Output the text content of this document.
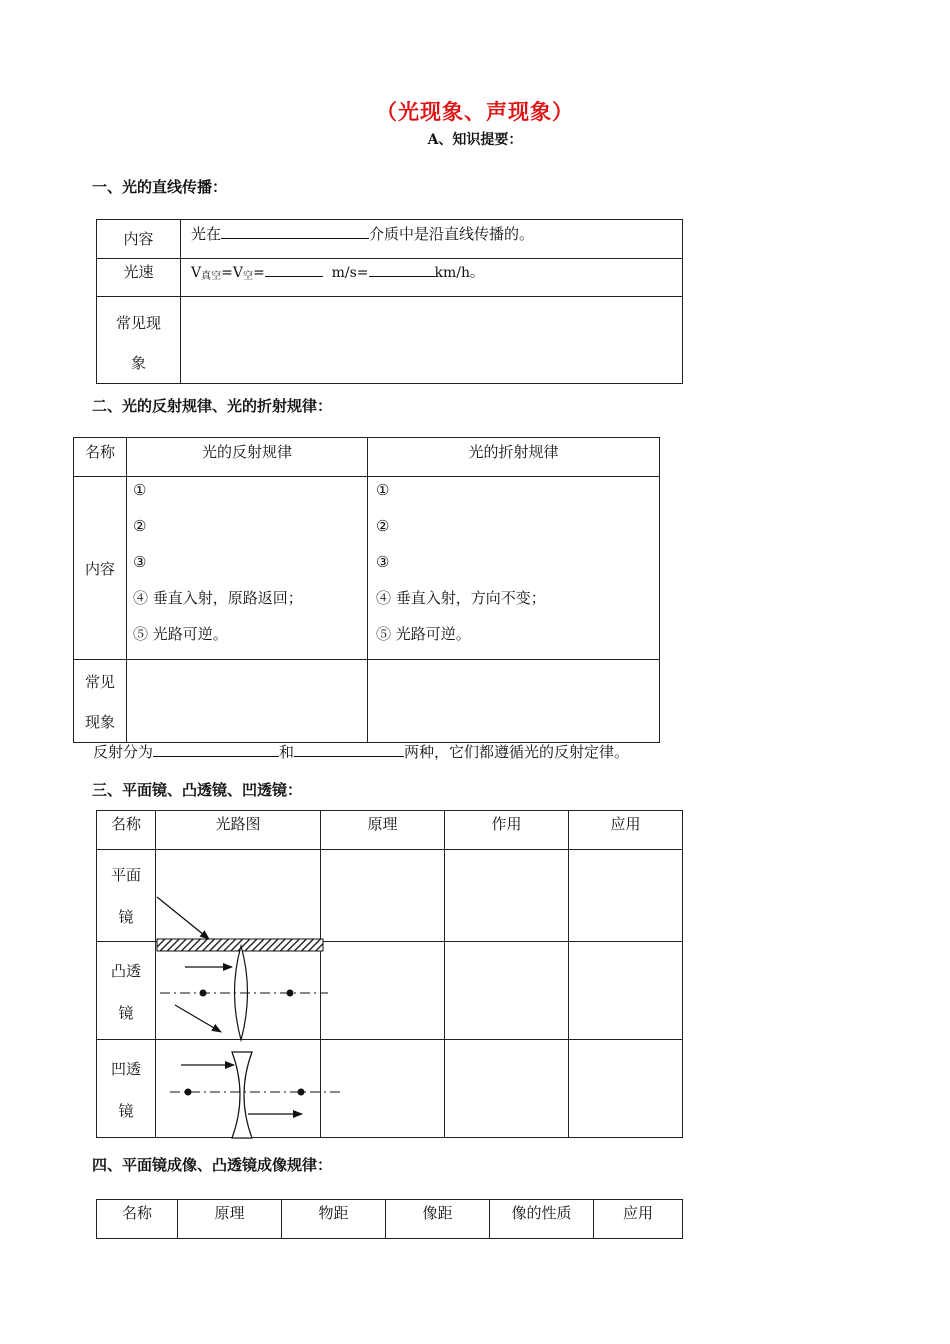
（光现象、声现象）
A、知识提要：
一、光的直线传播：
内容	光在 介质中是沿直线传播的。
光速	$V_{真空}=V_空= m/s= km/h$。

常见现
象	

二、光的反射规律、光的折射规律：
名称	光的反射规律	光的折射规律
内容	①
②
③
④ 垂直入射，原路返回；
⑤ 光路可逆。	①
②
③
④ 垂直入射，方向不变；
⑤ 光路可逆。

常见
现象		

反射分为	和	两种，它们都遵循光的反射定律。
三、平面镜、凸透镜、凹透镜：
名称	光路图	原理	作用	应用

平面
镜				

凸透
镜				

凹透
镜				

四、平面镜成像、凸透镜成像规律：
名称	原理	物距	像距	像的性质	应用
